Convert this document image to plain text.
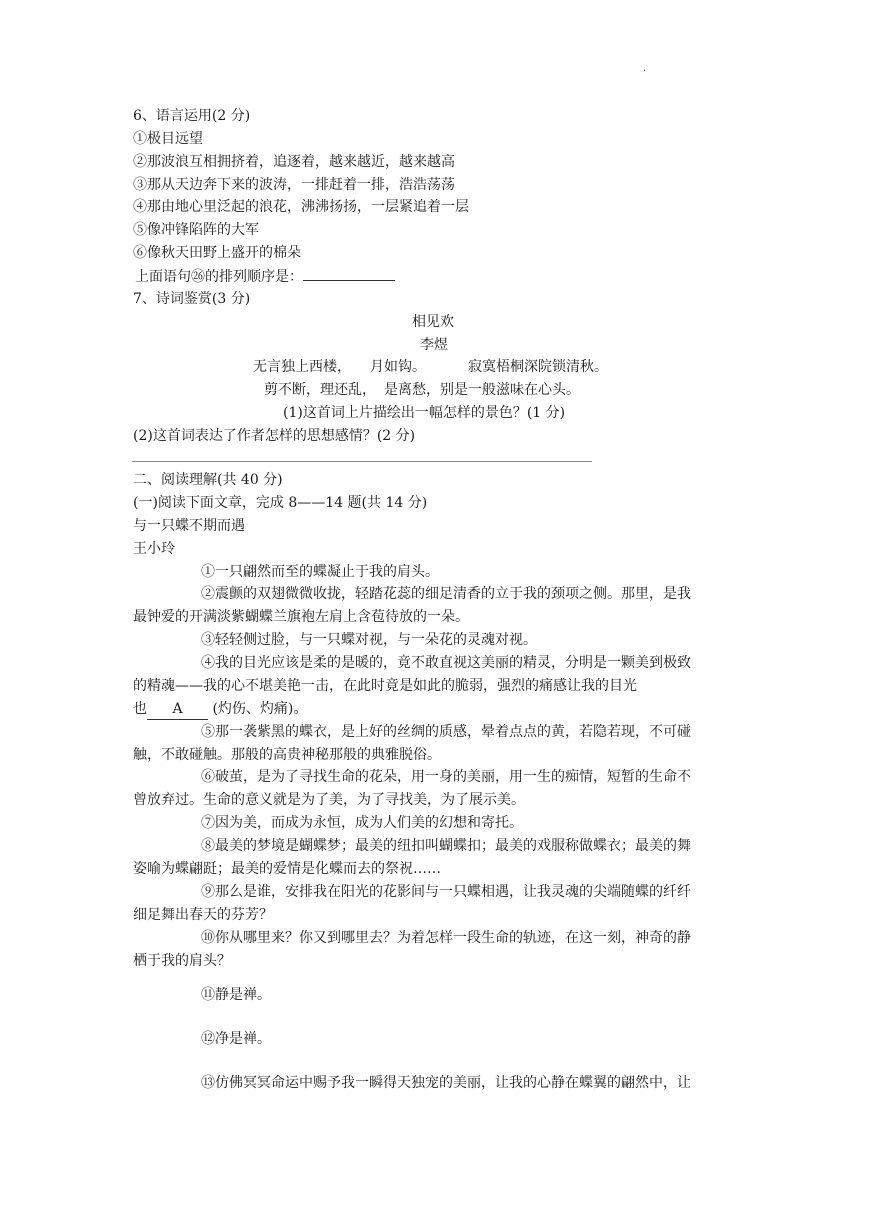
·
6、语言运用(2 分)
①极目远望
②那波浪互相拥挤着，追逐着，越来越近，越来越高
③那从天边奔下来的波涛，一排赶着一排，浩浩荡荡
④那由地心里泛起的浪花，沸沸扬扬，一层紧追着一层
⑤像冲锋陷阵的大军
⑥像秋天田野上盛开的棉朵
上面语句㉖的排列顺序是：
7、诗词鉴赏(3 分)
相见欢
李煜
无言独上西楼， 月如钩。	寂寞梧桐深院锁清秋。
剪不断，理还乱， 是离愁，别是一般滋味在心头。
(1)这首词上片描绘出一幅怎样的景色？(1 分)
(2)这首词表达了作者怎样的思想感情？(2 分)
二、阅读理解(共 40 分)
(一)阅读下面文章，完成 8——14 题(共 14 分)
与一只蝶不期而遇
王小玲
①一只翩然而至的蝶凝止于我的肩头。
②震颤的双翅微微收拢，轻踏花蕊的细足清香的立于我的颈项之侧。那里，是我
最钟爱的开满淡紫蝴蝶兰旗袍左肩上含苞待放的一朵。
③轻轻侧过脸，与一只蝶对视，与一朵花的灵魂对视。
④我的目光应该是柔的是暖的，竟不敢直视这美丽的精灵，分明是一颗美到极致
的精魂——我的心不堪美艳一击，在此时竟是如此的脆弱，强烈的痛感让我的目光
也 A (灼伤、灼痛)。
⑤那一袭紫黑的蝶衣，是上好的丝绸的质感，晕着点点的黄，若隐若现，不可碰
触，不敢碰触。那般的高贵神秘那般的典雅脱俗。
⑥破茧，是为了寻找生命的花朵，用一身的美丽，用一生的痴情，短暂的生命不
曾放弃过。生命的意义就是为了美，为了寻找美，为了展示美。
⑦因为美，而成为永恒，成为人们美的幻想和寄托。
⑧最美的梦境是蝴蝶梦；最美的纽扣叫蝴蝶扣；最美的戏服称做蝶衣；最美的舞
姿喻为蝶翩跹；最美的爱情是化蝶而去的祭祝……
⑨那么是谁，安排我在阳光的花影间与一只蝶相遇，让我灵魂的尖端随蝶的纤纤
细足舞出春天的芬芳？
⑩你从哪里来？你又到哪里去？为着怎样一段生命的轨迹，在这一刻，神奇的静
栖于我的肩头？
⑪静是禅。
⑫净是禅。
⑬仿佛冥冥命运中赐予我一瞬得天独宠的美丽，让我的心静在蝶翼的翩然中，让
